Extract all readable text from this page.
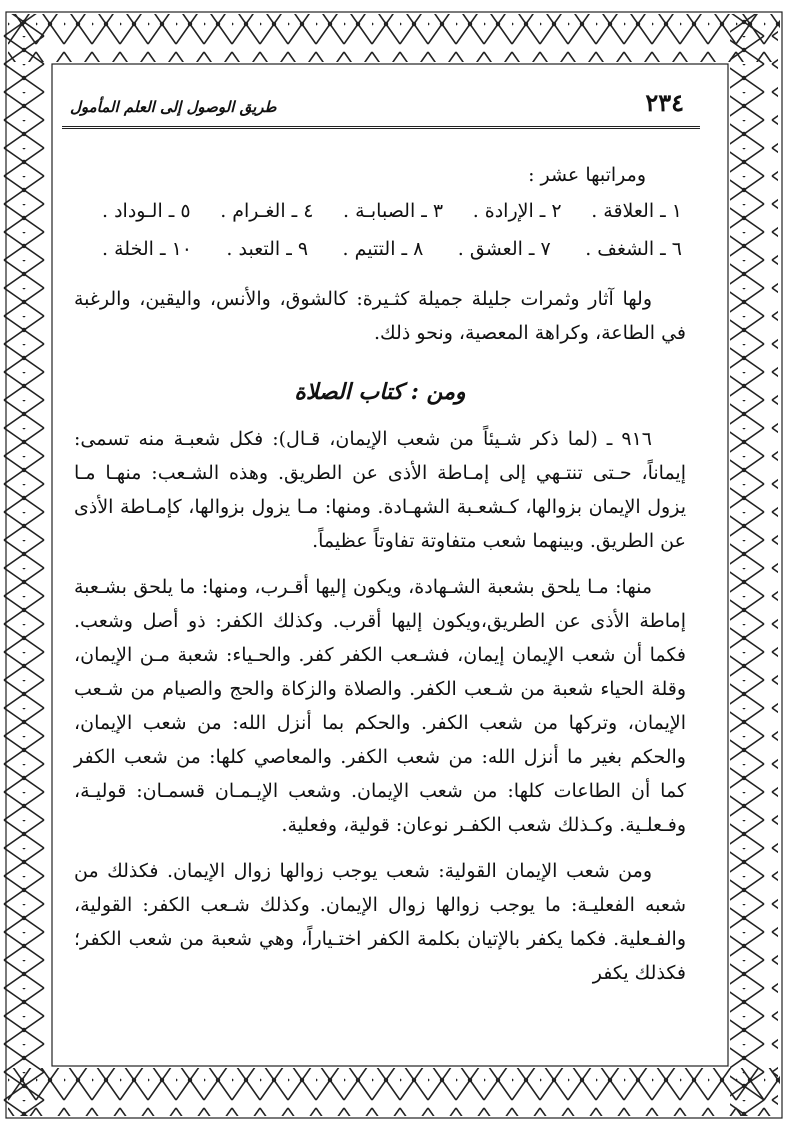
٢٣٤
طريق الوصول إلى العلم المأمول

ومراتبها عشر :

١ ـ العلاقة .
٢ ـ الإرادة .
٣ ـ الصبابـة .
٤ ـ الغـرام .
٥ ـ الـوداد .
٦ ـ الشغف .
٧ ـ العشق .
٨ ـ التتيم .
٩ ـ التعبد .
١٠ ـ الخلة .

ولها آثار وثمرات جليلة جميلة كثـيرة: كالشوق، والأنس، واليقين، والرغبة في الطاعة، وكراهة المعصية، ونحو ذلك.

ومن : كتاب الصلاة

٩١٦ ـ (لما ذكر شـيئاً من شعب الإيمان، قـال): فكل شعبـة منه تسمى: إيماناً، حـتى تنتـهي إلى إمـاطة الأذى عن الطريق. وهذه الشـعب: منهـا مـا يزول الإيمان بزوالها، كـشعـبة الشهـادة. ومنها: مـا يزول بزوالها، كإمـاطة الأذى عن الطريق. وبينهما شعب متفاوتة تفاوتاً عظيماً.

منها: مـا يلحق بشعبة الشـهادة، ويكون إليها أقـرب، ومنها: ما يلحق بشـعبة إماطة الأذى عن الطريق،ويكون إليها أقرب. وكذلك الكفر: ذو أصل وشعب. فكما أن شعب الإيمان إيمان، فشـعب الكفر كفر. والحـياء: شعبة مـن الإيمان، وقلة الحياء شعبة من شـعب الكفر. والصلاة والزكاة والحج والصيام من شـعب الإيمان، وتركها من شعب الكفر. والحكم بما أنزل الله: من شعب الإيمان، والحكم بغير ما أنزل الله: من شعب الكفر. والمعاصي كلها: من شعب الكفر كما أن الطاعات كلها: من شعب الإيمان. وشعب الإيـمـان قسمـان: قوليـة، وفـعلـية. وكـذلك شعب الكفـر نوعان: قولية، وفعلية.

ومن شعب الإيمان القولية: شعب يوجب زوالها زوال الإيمان. فكذلك من شعبه الفعليـة: ما يوجب زوالها زوال الإيمان. وكذلك شـعب الكفر: القولية، والفـعلية. فكما يكفر بالإتيان بكلمة الكفر اختـياراً، وهي شعبة من شعب الكفر؛ فكذلك يكفر
